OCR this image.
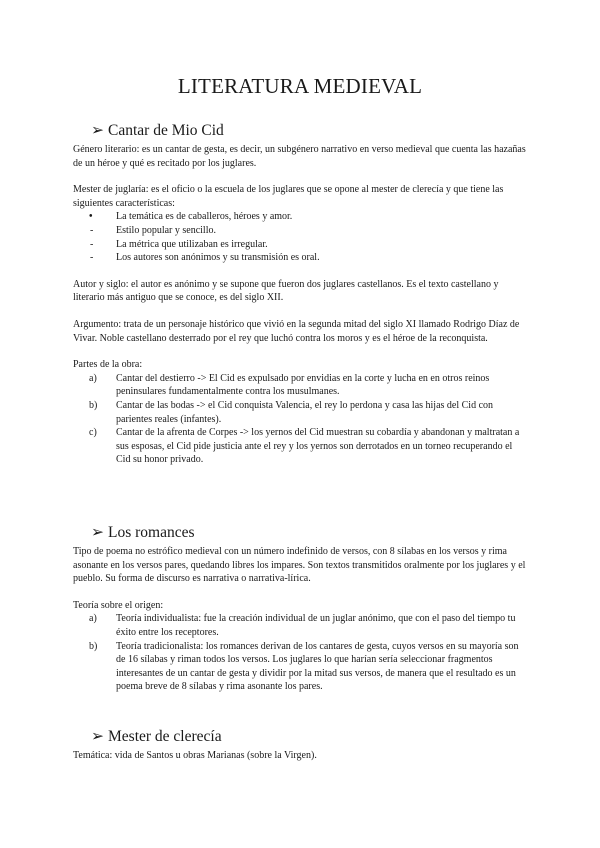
LITERATURA MEDIEVAL
➢ Cantar de Mio Cid

Género literario: es un cantar de gesta, es decir, un subgénero narrativo en verso medieval que cuenta las hazañas de un héroe y qué es recitado por los juglares.

Mester de juglaría: es el oficio o la escuela de los juglares que se opone al mester de clerecía y que tiene las siguientes características:

• La temática es de caballeros, héroes y amor.
- Estilo popular y sencillo.
- La métrica que utilizaban es irregular.
- Los autores son anónimos y su transmisión es oral.

Autor y siglo: el autor es anónimo y se supone que fueron dos juglares castellanos. Es el texto castellano y literario más antiguo que se conoce, es del siglo XII.

Argumento: trata de un personaje histórico que vivió en la segunda mitad del siglo XI llamado Rodrigo Díaz de Vivar. Noble castellano desterrado por el rey que luchó contra los moros y es el héroe de la reconquista.

Partes de la obra:

a) Cantar del destierro -> El Cid es expulsado por envidias en la corte y lucha en en otros reinos peninsulares fundamentalmente contra los musulmanes.
b) Cantar de las bodas -> el Cid conquista Valencia, el rey lo perdona y casa las hijas del Cid con parientes reales (infantes).
c) Cantar de la afrenta de Corpes -> los yernos del Cid muestran su cobardía y abandonan y maltratan a sus esposas, el Cid pide justicia ante el rey y los yernos son derrotados en un torneo recuperando el Cid su honor privado.
➢ Los romances

Tipo de poema no estrófico medieval con un número indefinido de versos, con 8 sílabas en los versos y rima asonante en los versos pares, quedando libres los impares. Son textos transmitidos oralmente por los juglares y el pueblo. Su forma de discurso es narrativa o narrativa-lírica.

Teoría sobre el origen:

a) Teoría individualista: fue la creación individual de un juglar anónimo, que con el paso del tiempo tu éxito entre los receptores.
b) Teoría tradicionalista: los romances derivan de los cantares de gesta, cuyos versos en su mayoría son de 16 sílabas y riman todos los versos. Los juglares lo que harían sería seleccionar fragmentos interesantes de un cantar de gesta y dividir por la mitad sus versos, de manera que el resultado es un poema breve de 8 sílabas y rima asonante los pares.
➢ Mester de clerecía

Temática: vida de Santos u obras Marianas (sobre la Virgen).
